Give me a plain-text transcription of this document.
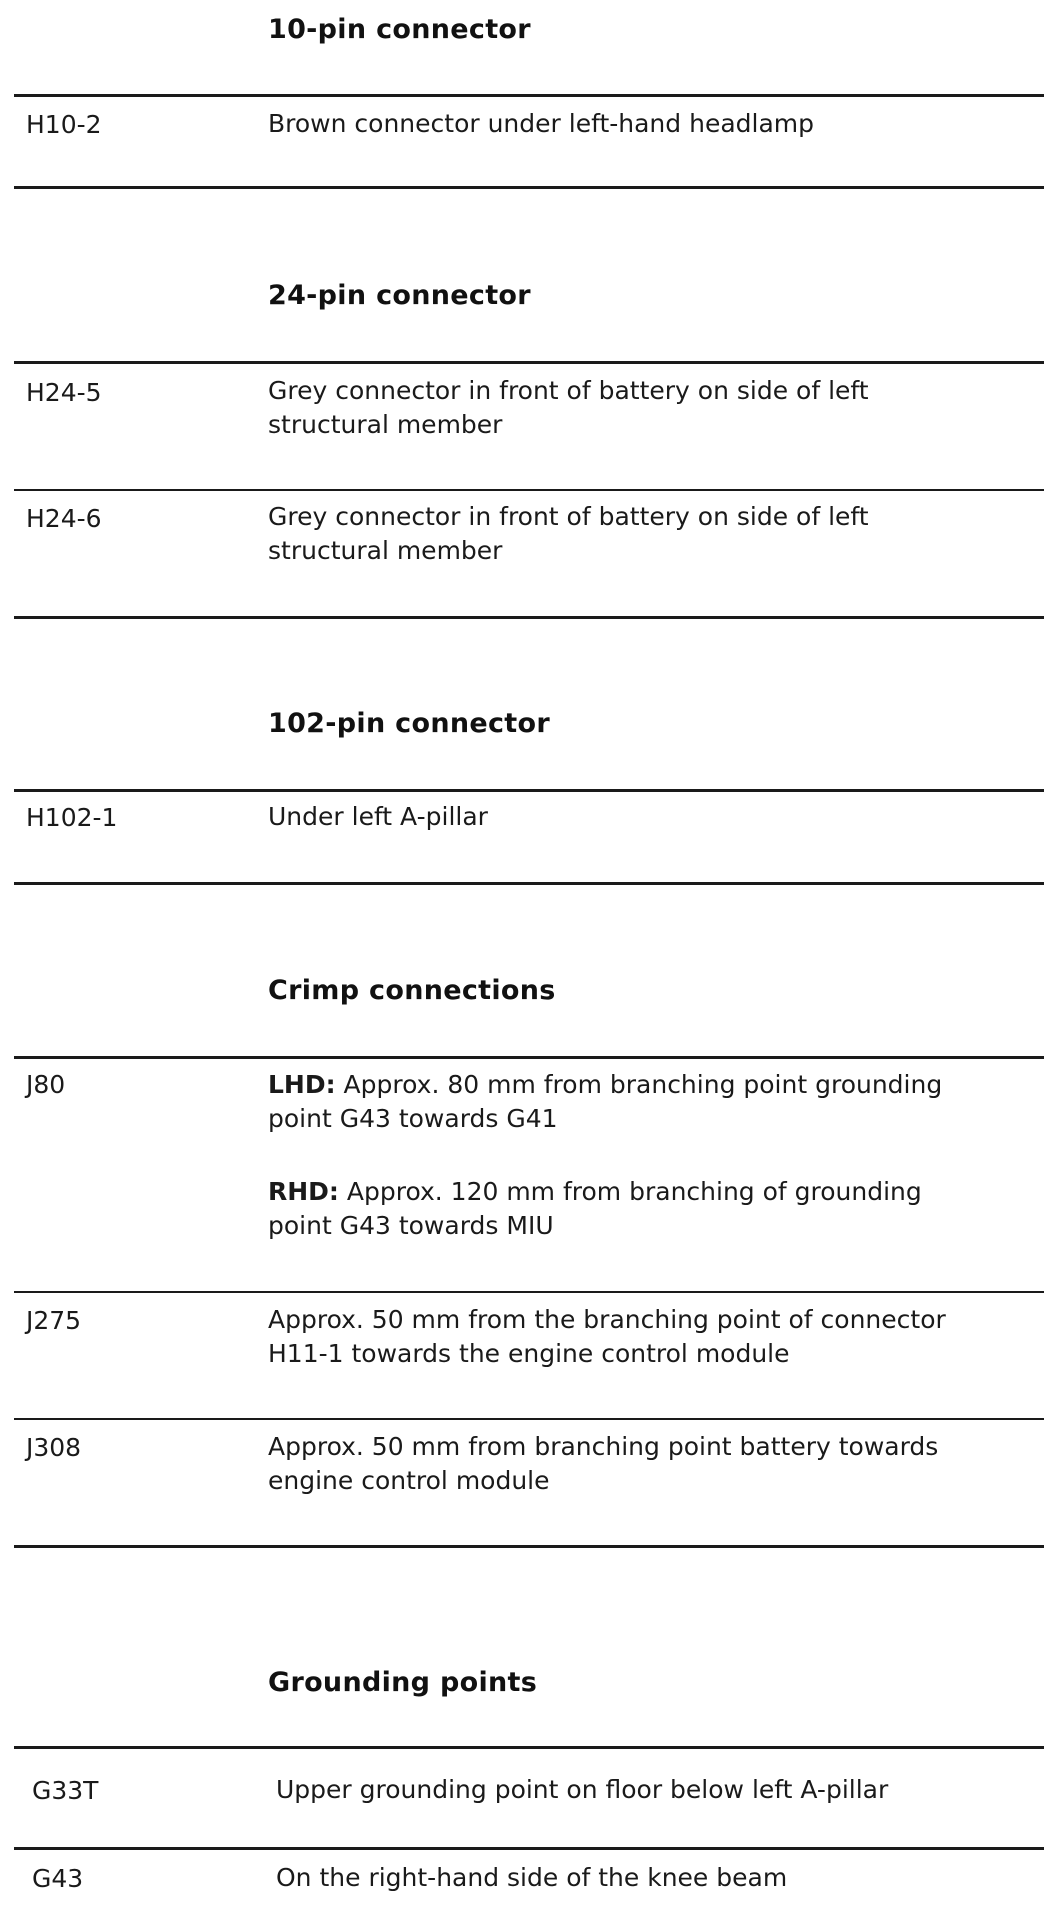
10-pin connector
H10-2	Brown connector under left-hand headlamp
24-pin connector
H24-5	Grey connector in front of battery on side of left
structural member
H24-6	Grey connector in front of battery on side of left
structural member
102-pin connector
H102-1	Under left A-pillar
Crimp connections
J80	LHD: Approx. 80 mm from branching point grounding
point G43 towards G41
RHD: Approx. 120 mm from branching of grounding
point G43 towards MIU
J275	Approx. 50 mm from the branching point of connector
H11-1 towards the engine control module
J308	Approx. 50 mm from branching point battery towards
engine control module
Grounding points
G33T	Upper grounding point on floor below left A-pillar
G43	On the right-hand side of the knee beam
